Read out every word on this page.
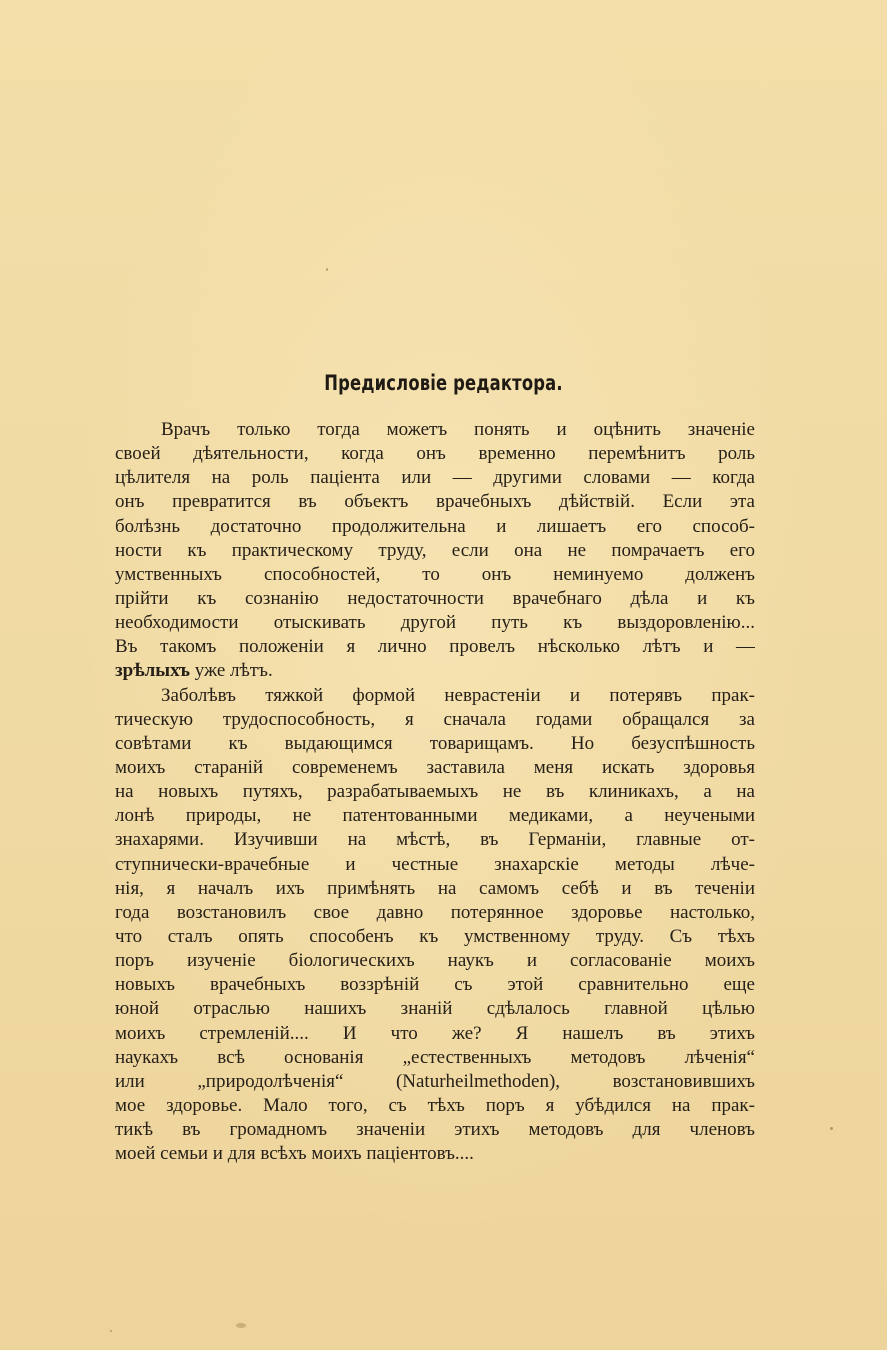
Предисловіе редактора.
Врачъ только тогда можетъ понять и оцѣнить значеніе
своей дѣятельности, когда онъ временно перемѣнитъ роль
цѣлителя на роль паціента или — другими словами — когда
онъ превратится въ объектъ врачебныхъ дѣйствій. Если эта
болѣзнь достаточно продолжительна и лишаетъ его способ-
ности къ практическому труду, если она не помрачаетъ его
умственныхъ способностей, то онъ неминуемо долженъ
прійти къ сознанію недостаточности врачебнаго дѣла и къ
необходимости отыскивать другой путь къ выздоровленію...
Въ такомъ положеніи я лично провелъ нѣсколько лѣтъ и —
зрѣлыхъ уже лѣтъ.
Заболѣвъ тяжкой формой неврастеніи и потерявъ прак-
тическую трудоспособность, я сначала годами обращался за
совѣтами къ выдающимся товарищамъ. Но безуспѣшность
моихъ стараній современемъ заставила меня искать здоровья
на новыхъ путяхъ, разрабатываемыхъ не въ клиникахъ, а на
лонѣ природы, не патентованными медиками, а неучеными
знахарями. Изучивши на мѣстѣ, въ Германіи, главные от-
ступнически-врачебные и честные знахарскіе методы лѣче-
нія, я началъ ихъ примѣнять на самомъ себѣ и въ теченіи
года возстановилъ свое давно потерянное здоровье настолько,
что сталъ опять способенъ къ умственному труду. Съ тѣхъ
поръ изученіе біологическихъ наукъ и согласованіе моихъ
новыхъ врачебныхъ воззрѣній съ этой сравнительно еще
юной отраслью нашихъ знаній сдѣлалось главной цѣлью
моихъ стремленій.... И что же? Я нашелъ въ этихъ
наукахъ всѣ основанія „естественныхъ методовъ лѣченія“
или „природолѣченія“ (Naturheilmethoden), возстановившихъ
мое здоровье. Мало того, съ тѣхъ поръ я убѣдился на прак-
тикѣ въ громадномъ значеніи этихъ методовъ для членовъ
моей семьи и для всѣхъ моихъ паціентовъ....
